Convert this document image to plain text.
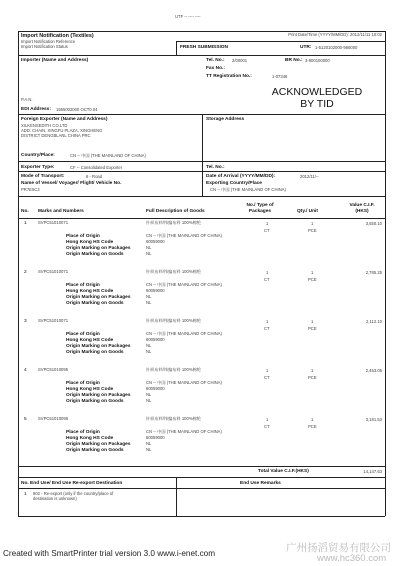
UTF -- ---- ----
Import Notification (Textiles)
Import Notification Reference
Import Notification Status
Print Date/Time (YYYY/MM/DD): 2012/11/11 10:02
FRESH SUBMISSION	UTR: 1-5120102000-966000
Importer (Name and Address)	Tel. No.: 2/00001	BR No.: 3-900100000
Fax No.:
TT Registration No.:	1-07346
ACKNOWLEDGED
BY TID
P.A.N.
EDI Address: 1555002000 OCT0.04
Foreign Exporter (Name and Address)
XILKENSEDITH CO.LTD
ADD: CHAIN, XINGFU PLAZA, XINGHENG
DISTRICT DENGBLANL CHINA PRC
Storage Address
Country/Place:	CN -- 中国 (THE MAINLAND OF CHINA)
Exporter Type:	CF -- Consolidated Exporter	Tel. No.:
Mode of Transport:	6 - Road	Date of Arrival (YYYY/MM/DD):	2012/11/--
Name of Vessel/ Voyager/ Flight/ Vehicle No.
PR7E5C3
Exporting Country/Place
CN -- 中国 (THE MAINLAND OF CHINA)
No. Marks and Numbers	Full Description of Goods
No./ Type of
Packages	Qty./ Unit
Value C.I.F.
(HKS)
1	SVPC51010071	针织布料/纬编布料 100%棉纶	1	1	3,550.10
CT	PCE
Place of Origin	CN -- 中国 (THE MAINLAND OF CHINA)
Hong Kong HS Code	60059000
Origin Marking on Packages	NL
Origin Marking on Goods	NL
2	SVPC51010071	针织布料/纬编布料 100%棉纶	1	1	2,785.25
CT	PCE
Place of Origin	CN -- 中国 (THE MAINLAND OF CHINA)
Hong Kong HS Code	60059000
Origin Marking on Packages	NL
Origin Marking on Goods	NL
3	SVPC51010071	针织布料/纬编布料 100%棉纶	1	1	2,112.10
CT	PCE
Place of Origin	CN -- 中国 (THE MAINLAND OF CHINA)
Hong Kong HS Code	60059000
Origin Marking on Packages	NL
Origin Marking on Goods	NL
4	SVPC51010095	针织布料/纬编布料 100%棉纶	1	1	2,453.05
CT	PCE
Place of Origin	CN -- 中国 (THE MAINLAND OF CHINA)
Hong Kong HS Code	60059000
Origin Marking on Packages	NL
Origin Marking on Goods	NL
5	SVPC51010096	针织布料/纬编布料 100%棉纶	1	1	3,181.53
CT	PCE
Place of Origin	CN -- 中国 (THE MAINLAND OF CHINA)
Hong Kong HS Code	60059000
Origin Marking on Packages	NL
Origin Marking on Goods	NL
Total Value C.I.F.(HKS)	14,147.63
No. End Use/ End Use Re-export Destination	End Use Remarks
1 902 - Re-export (only if the country/place of
destination is unknown)
Created with SmartPrinter trial version 3.0 www.i-enet.com	广州扬滔贸易有限公司
www.hc360.com
